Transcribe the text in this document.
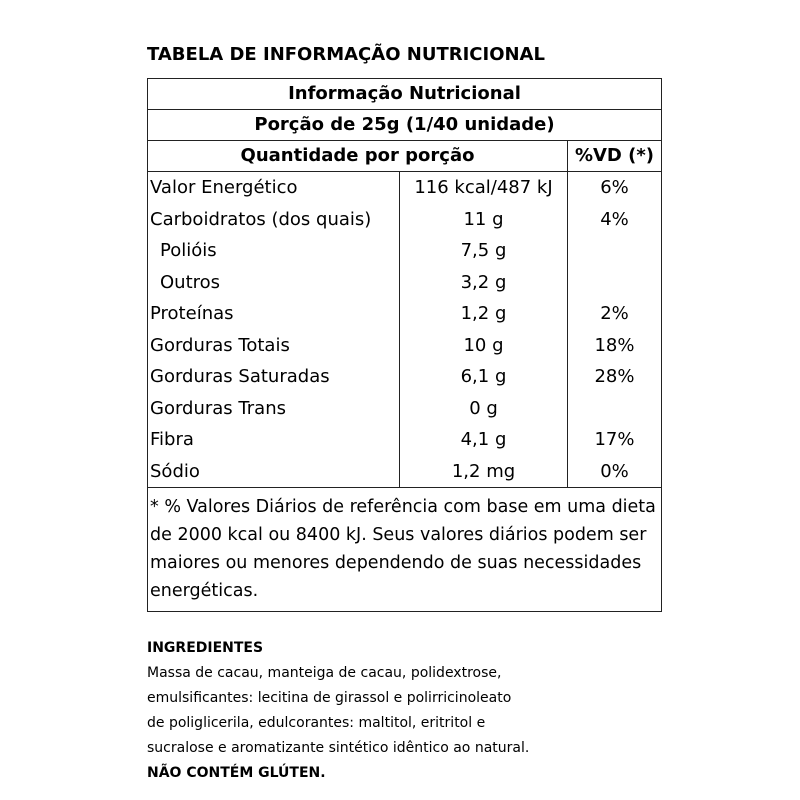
TABELA DE INFORMAÇÃO NUTRICIONAL
Informação Nutricional		
Porção de 25g (1/40 unidade)		
Quantidade por porção		%VD (*)
Valor Energético	116 kcal/487 kJ	6%
Carboidratos (dos quais)	11 g	4%
Polióis	7,5 g	
Outros	3,2 g	
Proteínas	1,2 g	2%
Gorduras Totais	10 g	18%
Gorduras Saturadas	6,1 g	28%
Gorduras Trans	0 g	
Fibra	4,1 g	17%
Sódio	1,2 mg	0%
* % Valores Diários de referência com base em uma dieta de 2000 kcal ou 8400 kJ. Seus valores diários podem ser maiores ou menores dependendo de suas necessidades energéticas.		
INGREDIENTES
Massa de cacau, manteiga de cacau, polidextrose,
emulsificantes: lecitina de girassol e polirricinoleato
de poliglicerila, edulcorantes: maltitol, eritritol e
sucralose e aromatizante sintético idêntico ao natural.
NÃO CONTÉM GLÚTEN.
